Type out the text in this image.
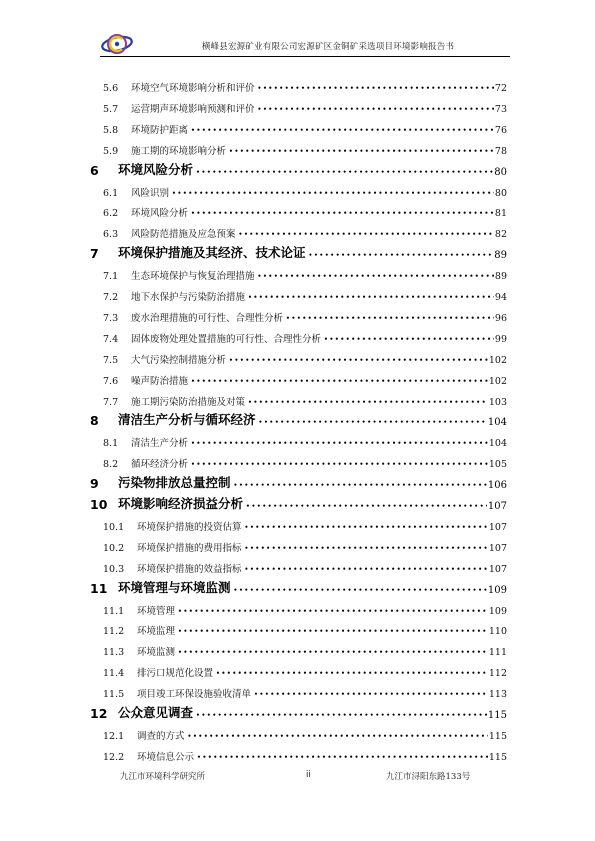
横峰县宏源矿业有限公司宏源矿区金铜矿采选项目环境影响报告书
5.6	环境空气环境影响分析和评价 •••••	72
5.7	运营期声环境影响预测和评价 •••••	73
5.8	环境防护距离 •••••	76
5.9	施工期的环境影响分析 •••••	78
6	环境风险分析 •••••	80
6.1	风险识别 •••••	80
6.2	环境风险分析 •••••	81
6.3	风险防范措施及应急预案 •••••	82
7	环境保护措施及其经济、技术论证 •••••	89
7.1	生态环境保护与恢复治理措施 •••••	89
7.2	地下水保护与污染防治措施 •••••	94
7.3	废水治理措施的可行性、合理性分析 •••••	96
7.4	固体废物处理处置措施的可行性、合理性分析 •••••	99
7.5	大气污染控制措施分析 •••••	102
7.6	噪声防治措施 •••••	102
7.7	施工期污染防治措施及对策 •••••	103
8	清洁生产分析与循环经济 •••••	104
8.1	清洁生产分析 •••••	104
8.2	循环经济分析 •••••	105
9	污染物排放总量控制 •••••	106
10 环境影响经济损益分析 •••••	107
10.1	环境保护措施的投资估算 •••••	107
10.2	环境保护措施的费用指标 •••••	107
10.3	环境保护措施的效益指标 •••••	107
11 环境管理与环境监测 •••••	109
11.1	环境管理 •••••	109
11.2	环境监理 •••••	110
11.3	环境监测 •••••	111
11.4	排污口规范化设置 •••••	112
11.5	项目竣工环保设施验收清单 •••••	113
12 公众意见调查 •••••	115
12.1	调查的方式 •••••	115
12.2	环境信息公示 •••••	115
九江市环境科学研究所	ii	九江市浔阳东路133号
